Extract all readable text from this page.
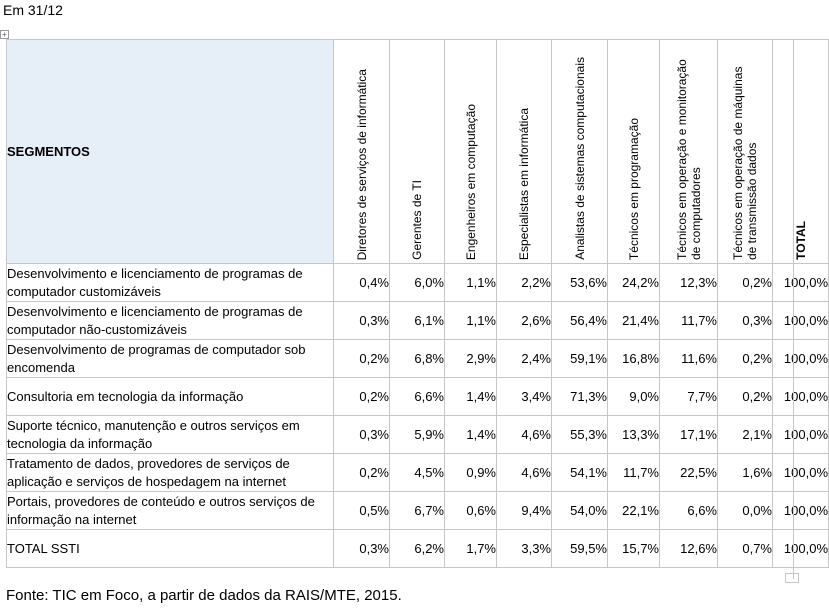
Em 31/12
+
SEGMENTOS	Diretores de serviços de informática	Gerentes de TI	Engenheiros em computação	Especialistas em informática	Analistas de sistemas computacionais	Técnicos em programação	Técnicos em operação e monitoração de computadores	Técnicos em operação de máquinas de transmissão dados	TOTAL
Desenvolvimento e licenciamento de programas de computador customizáveis	0,4%	6,0%	1,1%	2,2%	53,6%	24,2%	12,3%	0,2%	100,0%
Desenvolvimento e licenciamento de programas de computador não-customizáveis	0,3%	6,1%	1,1%	2,6%	56,4%	21,4%	11,7%	0,3%	100,0%
Desenvolvimento de programas de computador sob encomenda	0,2%	6,8%	2,9%	2,4%	59,1%	16,8%	11,6%	0,2%	100,0%
Consultoria em tecnologia da informação	0,2%	6,6%	1,4%	3,4%	71,3%	9,0%	7,7%	0,2%	100,0%
Suporte técnico, manutenção e outros serviços em tecnologia da informação	0,3%	5,9%	1,4%	4,6%	55,3%	13,3%	17,1%	2,1%	100,0%
Tratamento de dados, provedores de serviços de aplicação e serviços de hospedagem na internet	0,2%	4,5%	0,9%	4,6%	54,1%	11,7%	22,5%	1,6%	100,0%
Portais, provedores de conteúdo e outros serviços de informação na internet	0,5%	6,7%	0,6%	9,4%	54,0%	22,1%	6,6%	0,0%	100,0%
TOTAL SSTI	0,3%	6,2%	1,7%	3,3%	59,5%	15,7%	12,6%	0,7%	100,0%
Fonte: TIC em Foco, a partir de dados da RAIS/MTE, 2015.
